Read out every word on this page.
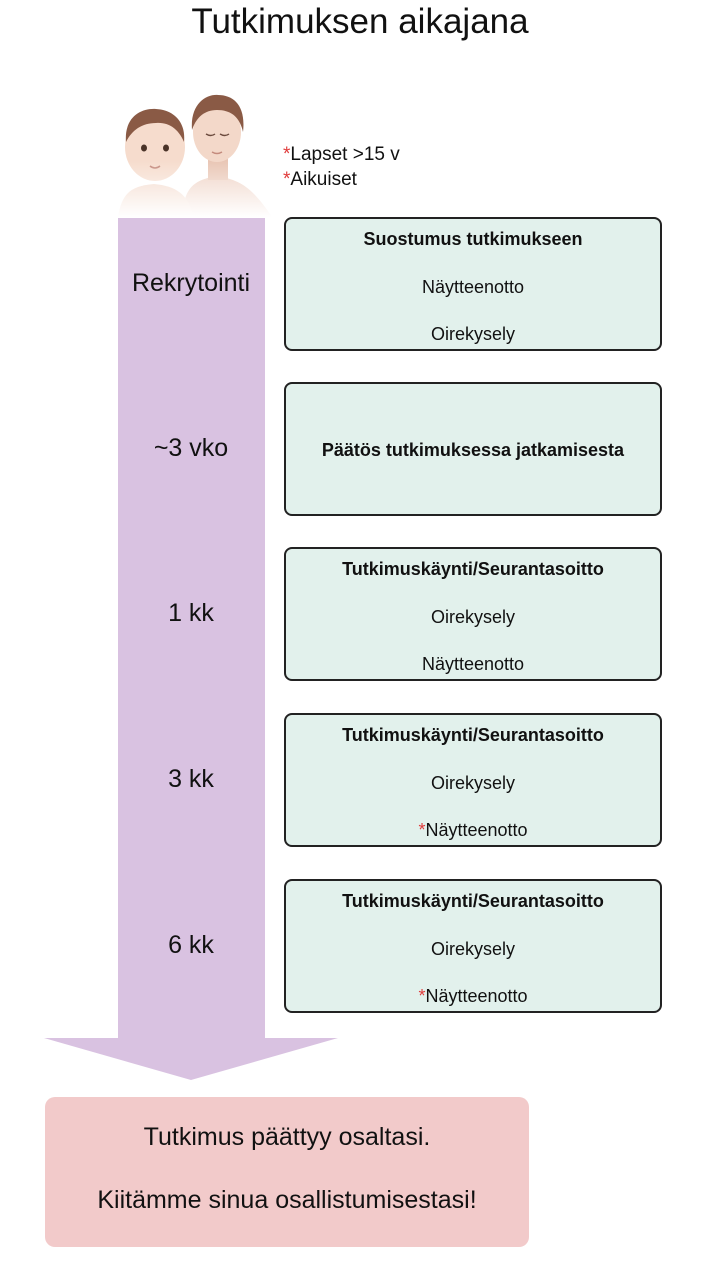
Tutkimuksen aikajana
*Lapset >15 v
*Aikuiset
Rekrytointi
Suostumus tutkimukseen
Näytteenotto
Oirekysely
~3 vko	Päätös tutkimuksessa jatkamisesta
1 kk
Tutkimuskäynti/Seurantasoitto
Oirekysely
Näytteenotto
3 kk
Tutkimuskäynti/Seurantasoitto
Oirekysely
*Näytteenotto
6 kk
Tutkimuskäynti/Seurantasoitto
Oirekysely
*Näytteenotto
Tutkimus päättyy osaltasi.
Kiitämme sinua osallistumisestasi!
